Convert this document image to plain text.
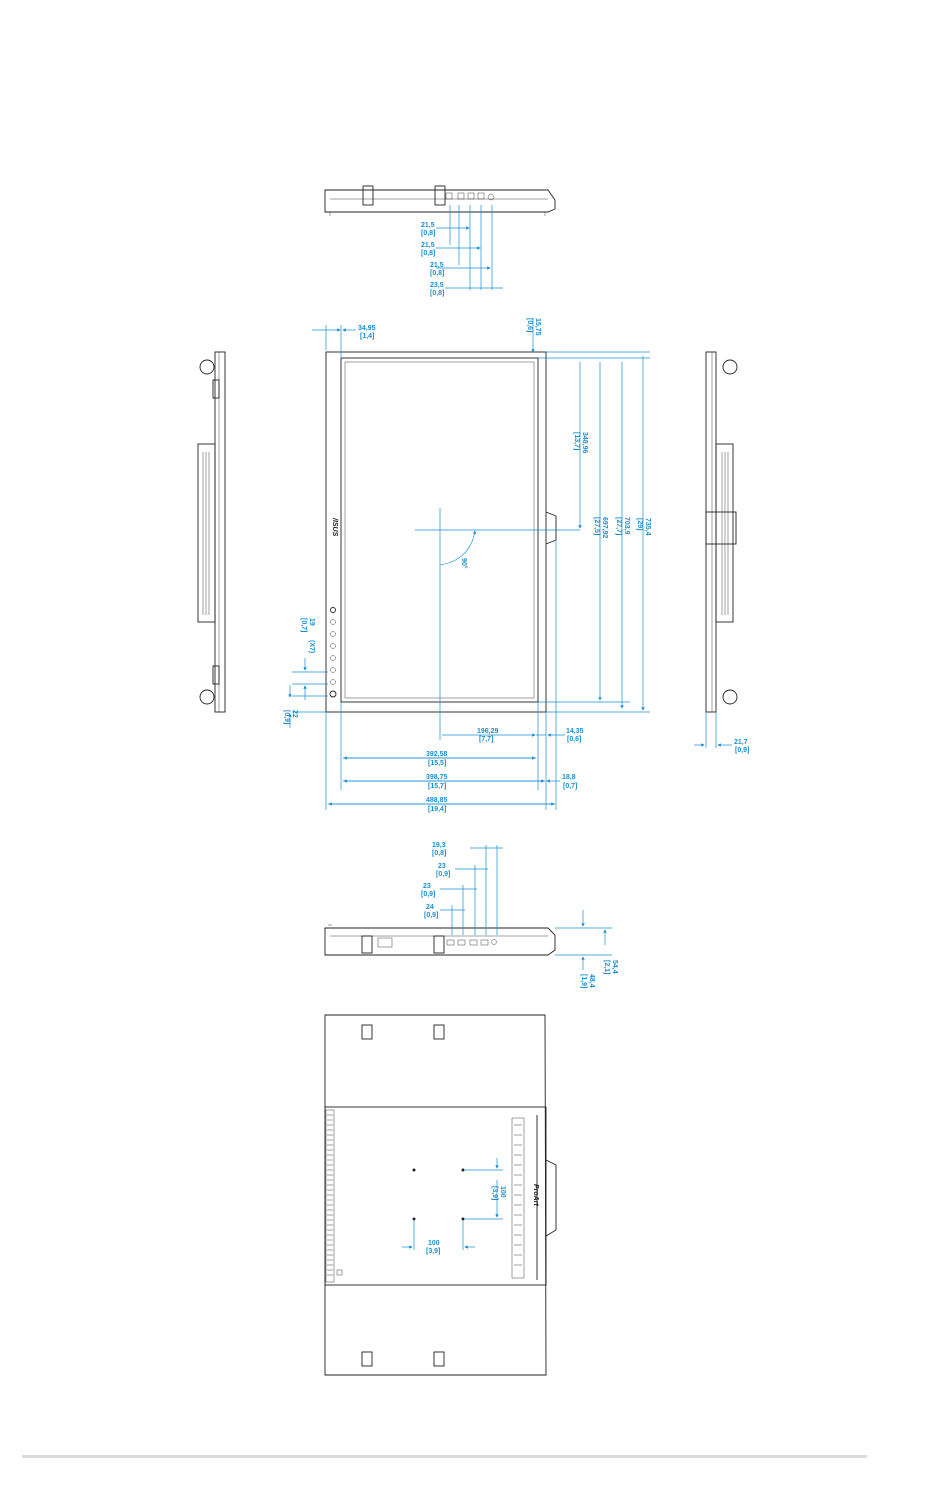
21,5
[0,8]
21,5
[0,8]
21,5
[0,8]
23,5
[0,8]
/ISUS
90°
34,95
[1,4]
15,75
[0,6]
348,96
[13,7]
697,92
[27,5]	703,9
[27,7]	735,4
[29]
19
[0,7]
(X7)
22
[0,9]
196,29
[7,7]
14,35
[0,6]
392,58
[15,5]
398,75
[15,7]
18,8
[0,7]
488,85
[19,4]
21,7
[0,9]
19,3
[0,8]
23
[0,9]
23
[0,9]
24
[0,9]
54,4
[2,1]
48,4
[1,9]
ProArt
100
[3,9]
100
[3,9]
